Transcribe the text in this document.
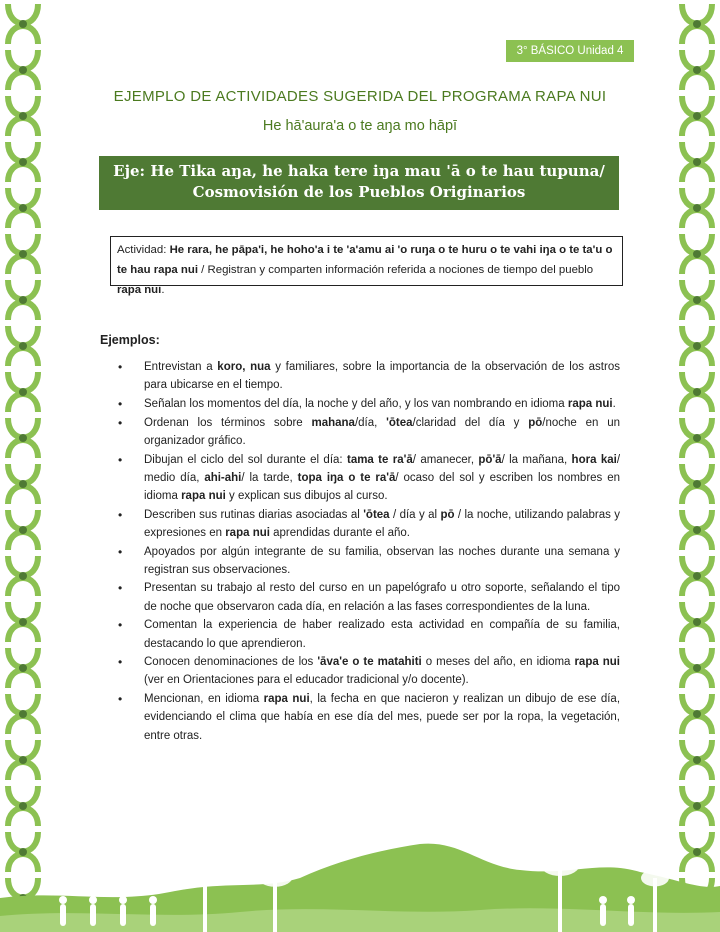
3° BÁSICO Unidad 4
EJEMPLO DE ACTIVIDADES SUGERIDA DEL PROGRAMA RAPA NUI
He hā'aura'a o te aŋa mo hāpī
Eje: He Tika aŋa, he haka tere iŋa mau 'ā o te hau tupuna/
Cosmovisión de los Pueblos Originarios
Actividad: He rara, he pāpa'i, he hoho'a i te 'a'amu ai 'o ruŋa o te huru o te vahi iŋa o te ta'u o te hau rapa nui / Registran y comparten información referida a nociones de tiempo del pueblo rapa nui.
Ejemplos:
• Entrevistan a koro, nua y familiares, sobre la importancia de la observación de los astros para ubicarse en el tiempo.
• Señalan los momentos del día, la noche y del año, y los van nombrando en idioma rapa nui.
• Ordenan los términos sobre mahana/día, 'ōtea/claridad del día y pō/noche en un organizador gráfico.
• Dibujan el ciclo del sol durante el día: tama te ra'ā/ amanecer, pō'ā/ la mañana, hora kai/ medio día, ahi-ahi/ la tarde, topa iŋa o te ra'ā/ ocaso del sol y escriben los nombres en idioma rapa nui y explican sus dibujos al curso.
• Describen sus rutinas diarias asociadas al 'ōtea / día y al pō / la noche, utilizando palabras y expresiones en rapa nui aprendidas durante el año.
• Apoyados por algún integrante de su familia, observan las noches durante una semana y registran sus observaciones.
• Presentan su trabajo al resto del curso en un papelógrafo u otro soporte, señalando el tipo de noche que observaron cada día, en relación a las fases correspondientes de la luna.
• Comentan la experiencia de haber realizado esta actividad en compañía de su familia, destacando lo que aprendieron.
• Conocen denominaciones de los 'āva'e o te matahiti o meses del año, en idioma rapa nui (ver en Orientaciones para el educador tradicional y/o docente).
• Mencionan, en idioma rapa nui, la fecha en que nacieron y realizan un dibujo de ese día, evidenciando el clima que había en ese día del mes, puede ser por la ropa, la vegetación, entre otras.
